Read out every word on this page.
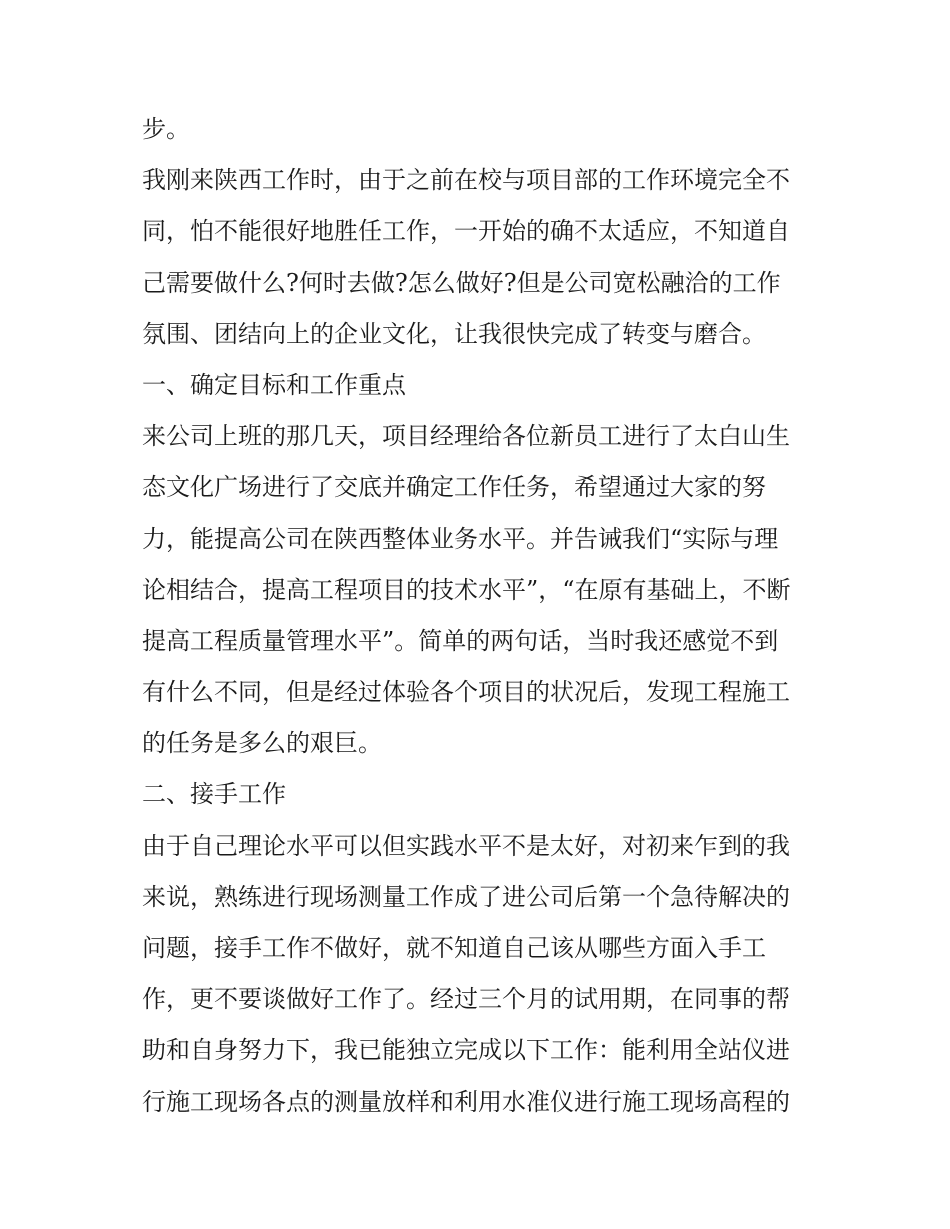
步。
我刚来陕西工作时，由于之前在校与项目部的工作环境完全不
同，怕不能很好地胜任工作，一开始的确不太适应，不知道自
己需要做什么?何时去做?怎么做好?但是公司宽松融洽的工作
氛围、团结向上的企业文化，让我很快完成了转变与磨合。
一、确定目标和工作重点
来公司上班的那几天，项目经理给各位新员工进行了太白山生
态文化广场进行了交底并确定工作任务，希望通过大家的努
力，能提高公司在陕西整体业务水平。并告诫我们“实际与理
论相结合，提高工程项目的技术水平”，“在原有基础上，不断
提高工程质量管理水平”。简单的两句话，当时我还感觉不到
有什么不同，但是经过体验各个项目的状况后，发现工程施工
的任务是多么的艰巨。
二、接手工作
由于自己理论水平可以但实践水平不是太好，对初来乍到的我
来说，熟练进行现场测量工作成了进公司后第一个急待解决的
问题，接手工作不做好，就不知道自己该从哪些方面入手工
作，更不要谈做好工作了。经过三个月的试用期，在同事的帮
助和自身努力下，我已能独立完成以下工作：能利用全站仪进
行施工现场各点的测量放样和利用水准仪进行施工现场高程的
